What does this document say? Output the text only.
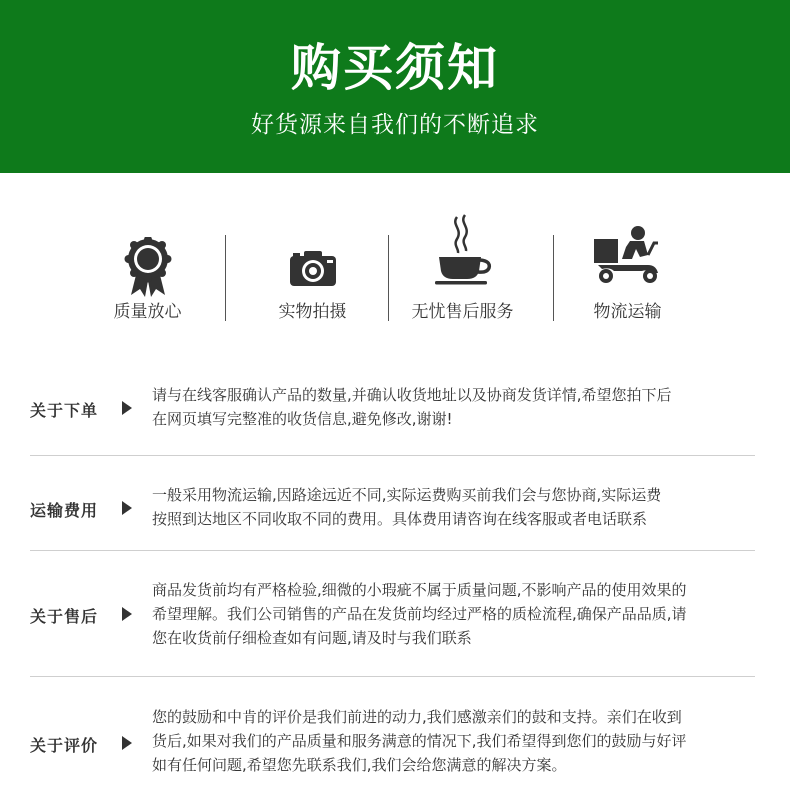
购买须知
好货源来自我们的不断追求
质量放心	实物拍摄	无忧售后服务	物流运输
关于下单

请与在线客服确认产品的数量,并确认收货地址以及协商发货详情,希望您拍下后

在网页填写完整准的收货信息,避免修改,谢谢!

运输费用

一般采用物流运输,因路途远近不同,实际运费购买前我们会与您协商,实际运费

按照到达地区不同收取不同的费用。具体费用请咨询在线客服或者电话联系

关于售后

商品发货前均有严格检验,细微的小瑕疵不属于质量问题,不影响产品的使用效果的

希望理解。我们公司销售的产品在发货前均经过严格的质检流程,确保产品品质,请

您在收货前仔细检查如有问题,请及时与我们联系

关于评价

您的鼓励和中肯的评价是我们前进的动力,我们感激亲们的鼓和支持。亲们在收到

货后,如果对我们的产品质量和服务满意的情况下,我们希望得到您们的鼓励与好评

如有任何问题,希望您先联系我们,我们会给您满意的解决方案。
